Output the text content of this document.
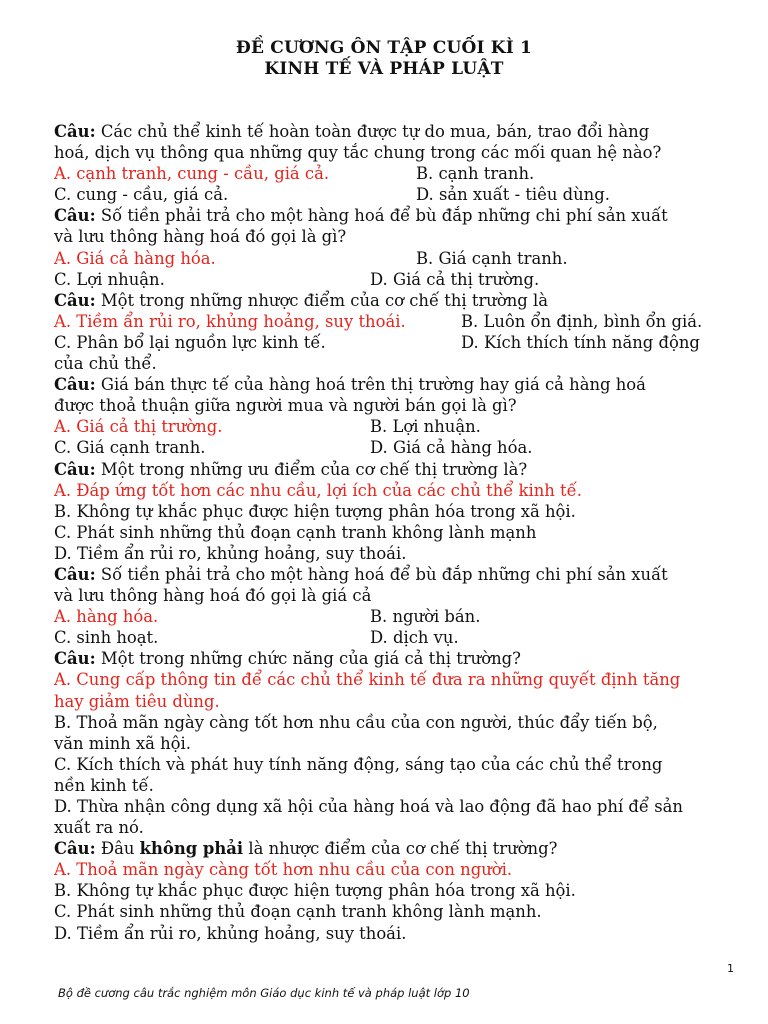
ĐỀ CƯƠNG ÔN TẬP CUỐI KÌ 1
KINH TẾ VÀ PHÁP LUẬT
Câu: Các chủ thể kinh tế hoàn toàn được tự do mua, bán, trao đổi hàng
hoá, dịch vụ thông qua những quy tắc chung trong các mối quan hệ nào?
A. cạnh tranh, cung - cầu, giá cả.	B. cạnh tranh.
C. cung - cầu, giá cả.	D. sản xuất - tiêu dùng.
Câu: Số tiền phải trả cho một hàng hoá để bù đắp những chi phí sản xuất
và lưu thông hàng hoá đó gọi là gì?
A. Giá cả hàng hóa.	B. Giá cạnh tranh.
C. Lợi nhuận.	D. Giá cả thị trường.
Câu: Một trong những nhược điểm của cơ chế thị trường là
A. Tiềm ẩn rủi ro, khủng hoảng, suy thoái.	B. Luôn ổn định, bình ổn giá.
C. Phân bổ lại nguồn lực kinh tế.	D. Kích thích tính năng động
của chủ thể.
Câu: Giá bán thực tế của hàng hoá trên thị trường hay giá cả hàng hoá
được thoả thuận giữa người mua và người bán gọi là gì?
A. Giá cả thị trường.	B. Lợi nhuận.
C. Giá cạnh tranh.	D. Giá cả hàng hóa.
Câu: Một trong những ưu điểm của cơ chế thị trường là?
A. Đáp ứng tốt hơn các nhu cầu, lợi ích của các chủ thể kinh tế.
B. Không tự khắc phục được hiện tượng phân hóa trong xã hội.
C. Phát sinh những thủ đoạn cạnh tranh không lành mạnh
D. Tiềm ẩn rủi ro, khủng hoảng, suy thoái.
Câu: Số tiền phải trả cho một hàng hoá để bù đắp những chi phí sản xuất
và lưu thông hàng hoá đó gọi là giá cả
A. hàng hóa.	B. người bán.
C. sinh hoạt.	D. dịch vụ.
Câu: Một trong những chức năng của giá cả thị trường?
A. Cung cấp thông tin để các chủ thể kinh tế đưa ra những quyết định tăng
hay giảm tiêu dùng.
B. Thoả mãn ngày càng tốt hơn nhu cầu của con người, thúc đẩy tiến bộ,
văn minh xã hội.
C. Kích thích và phát huy tính năng động, sáng tạo của các chủ thể trong
nền kinh tế.
D. Thừa nhận công dụng xã hội của hàng hoá và lao động đã hao phí để sản
xuất ra nó.
Câu: Đâu không phải là nhược điểm của cơ chế thị trường?
A. Thoả mãn ngày càng tốt hơn nhu cầu của con người.
B. Không tự khắc phục được hiện tượng phân hóa trong xã hội.
C. Phát sinh những thủ đoạn cạnh tranh không lành mạnh.
D. Tiềm ẩn rủi ro, khủng hoảng, suy thoái.
1
Bộ đề cương câu trắc nghiệm môn Giáo dục kinh tế và pháp luật lớp 10
